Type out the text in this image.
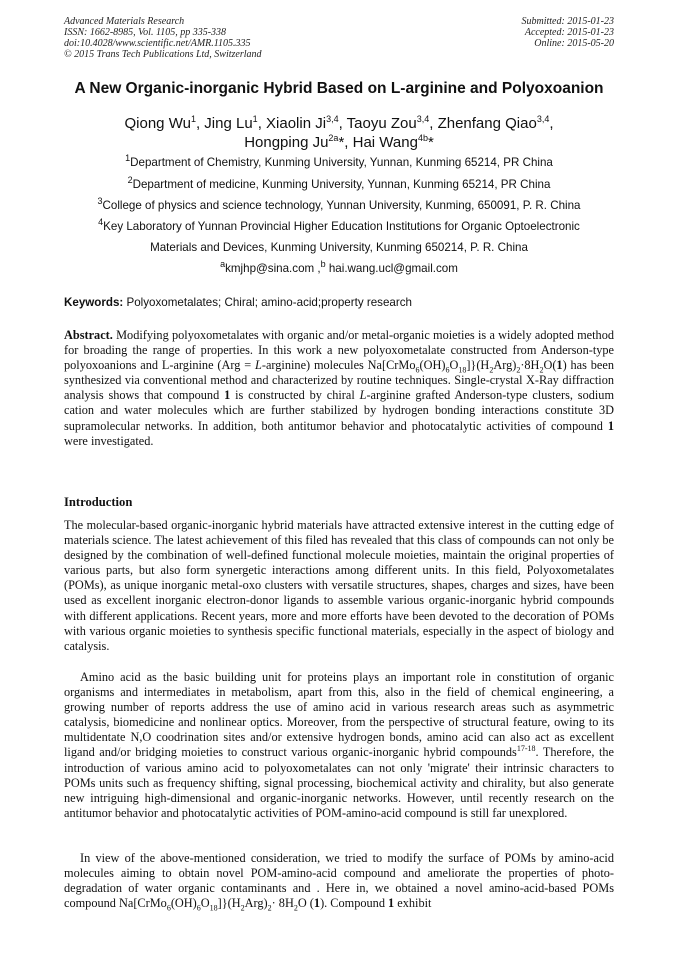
Advanced Materials Research
ISSN: 1662-8985, Vol. 1105, pp 335-338
doi:10.4028/www.scientific.net/AMR.1105.335
© 2015 Trans Tech Publications Ltd, Switzerland
Submitted: 2015-01-23
Accepted: 2015-01-23
Online: 2015-05-20
A New Organic-inorganic Hybrid Based on L-arginine and Polyoxoanion
Qiong Wu$^1$, Jing Lu$^1$, Xiaolin Ji$^{3,4}$, Taoyu Zou$^{3,4}$, Zhenfang Qiao$^{3,4}$,
Hongping $Ju^{2a}*$, Hai Wang$^{4b}$*
$^1$Department of Chemistry, Kunming University, Yunnan, Kunming 65214, PR China
$^2$Department of medicine, Kunming University, Yunnan, Kunming 65214, PR China
$^3$College of physics and science technology, Yunnan University, Kunming, 650091, P. R. China
$^4$Key Laboratory of Yunnan Provincial Higher Education Institutions for Organic Optoelectronic
Materials and Devices, Kunming University, Kunming 650214, P. R. China
$^a$kmjhp@sina.com ,$^b$ hai.wang.ucl@gmail.com
Keywords: Polyoxometalates; Chiral; amino-acid;property research
Abstract. Modifying polyoxometalates with organic and/or metal-organic moieties is a widely adopted method for broading the range of properties. In this work a new polyoxometalate constructed from Anderson-type polyoxoanions and L-arginine (Arg = L-arginine) molecules $Na[CrMo_6(OH)_6O_{18}]\}(H_2Arg)_2\cdot 8H_2O(1)$ has been synthesized via conventional method and characterized by routine techniques. Single-crystal X-Ray diffraction analysis shows that compound 1 is constructed by chiral L-arginine grafted Anderson-type clusters, sodium cation and water molecules which are further stabilized by hydrogen bonding interactions constitute 3D supramolecular networks. In addition, both antitumor behavior and photocatalytic activities of compound 1 were investigated.
Introduction
The molecular-based organic-inorganic hybrid materials have attracted extensive interest in the cutting edge of materials science. The latest achievement of this filed has revealed that this class of compounds can not only be designed by the combination of well-defined functional molecule moieties, maintain the original properties of various parts, but also form synergetic interactions among different units. In this field, Polyoxometalates (POMs), as unique inorganic metal-oxo clusters with versatile structures, shapes, charges and sizes, have been used as excellent inorganic electron-donor ligands to assemble various organic-inorganic hybrid compounds with different applications. Recent years, more and more efforts have been devoted to the decoration of POMs with various organic moieties to synthesis specific functional materials, especially in the aspect of biology and catalysis.
Amino acid as the basic building unit for proteins plays an important role in constitution of organic organisms and intermediates in metabolism, apart from this, also in the field of chemical engineering, a growing number of reports address the use of amino acid in various research areas such as asymmetric catalysis, biomedicine and nonlinear optics. Moreover, from the perspective of structural feature, owing to its multidentate N,O coodrination sites and/or extensive hydrogen bonds, amino acid can also act as excellent ligand and/or bridging moieties to construct various organic-inorganic hybrid compounds$^{17-18}$. Therefore, the introduction of various amino acid to polyoxometalates can not only 'migrate' their intrinsic characters to POMs units such as frequency shifting, signal processing, biochemical activity and chirality, but also generate new intriguing high-dimensional and organic-inorganic networks. However, until recently research on the antitumor behavior and photocatalytic activities of POM-amino-acid compound is still far unexplored.
In view of the above-mentioned consideration, we tried to modify the surface of POMs by amino-acid molecules aiming to obtain novel POM-amino-acid compound and ameliorate the properties of photo-degradation of water organic contaminants and . Here in, we obtained a novel amino-acid-based POMs compound $Na[CrMo_6(OH)_6O_{18}]\}(H_2Arg)_2\cdot 8H_2O$ (1). Compound 1 exhibit
